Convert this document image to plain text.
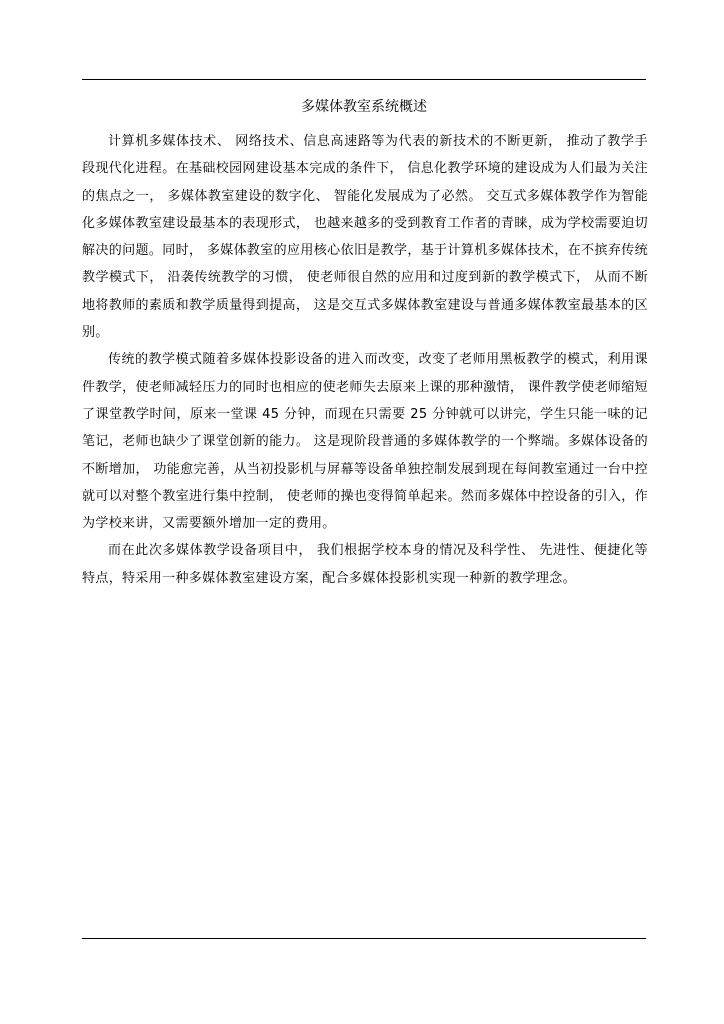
多媒体教室系统概述

计算机多媒体技术、 网络技术、信息高速路等为代表的新技术的不断更新， 推动了教学手段现代化进程。在基础校园网建设基本完成的条件下， 信息化教学环境的建设成为人们最为关注的焦点之一， 多媒体教室建设的数字化、 智能化发展成为了必然。 交互式多媒体教学作为智能化多媒体教室建设最基本的表现形式， 也越来越多的受到教育工作者的青睐，成为学校需要迫切解决的问题。同时， 多媒体教室的应用核心依旧是教学，基于计算机多媒体技术，在不摈弃传统教学模式下， 沿袭传统教学的习惯， 使老师很自然的应用和过度到新的教学模式下， 从而不断地将教师的素质和教学质量得到提高， 这是交互式多媒体教室建设与普通多媒体教室最基本的区别。

传统的教学模式随着多媒体投影设备的进入而改变，改变了老师用黑板教学的模式，利用课件教学，使老师减轻压力的同时也相应的使老师失去原来上课的那种激情， 课件教学使老师缩短了课堂教学时间，原来一堂课 45 分钟，而现在只需要 25 分钟就可以讲完，学生只能一味的记笔记，老师也缺少了课堂创新的能力。 这是现阶段普通的多媒体教学的一个弊端。多媒体设备的不断增加， 功能愈完善，从当初投影机与屏幕等设备单独控制发展到现在每间教室通过一台中控就可以对整个教室进行集中控制， 使老师的操也变得简单起来。然而多媒体中控设备的引入，作为学校来讲，又需要额外增加一定的费用。

而在此次多媒体教学设备项目中， 我们根据学校本身的情况及科学性、 先进性、便捷化等特点，特采用一种多媒体教室建设方案，配合多媒体投影机实现一种新的教学理念。
